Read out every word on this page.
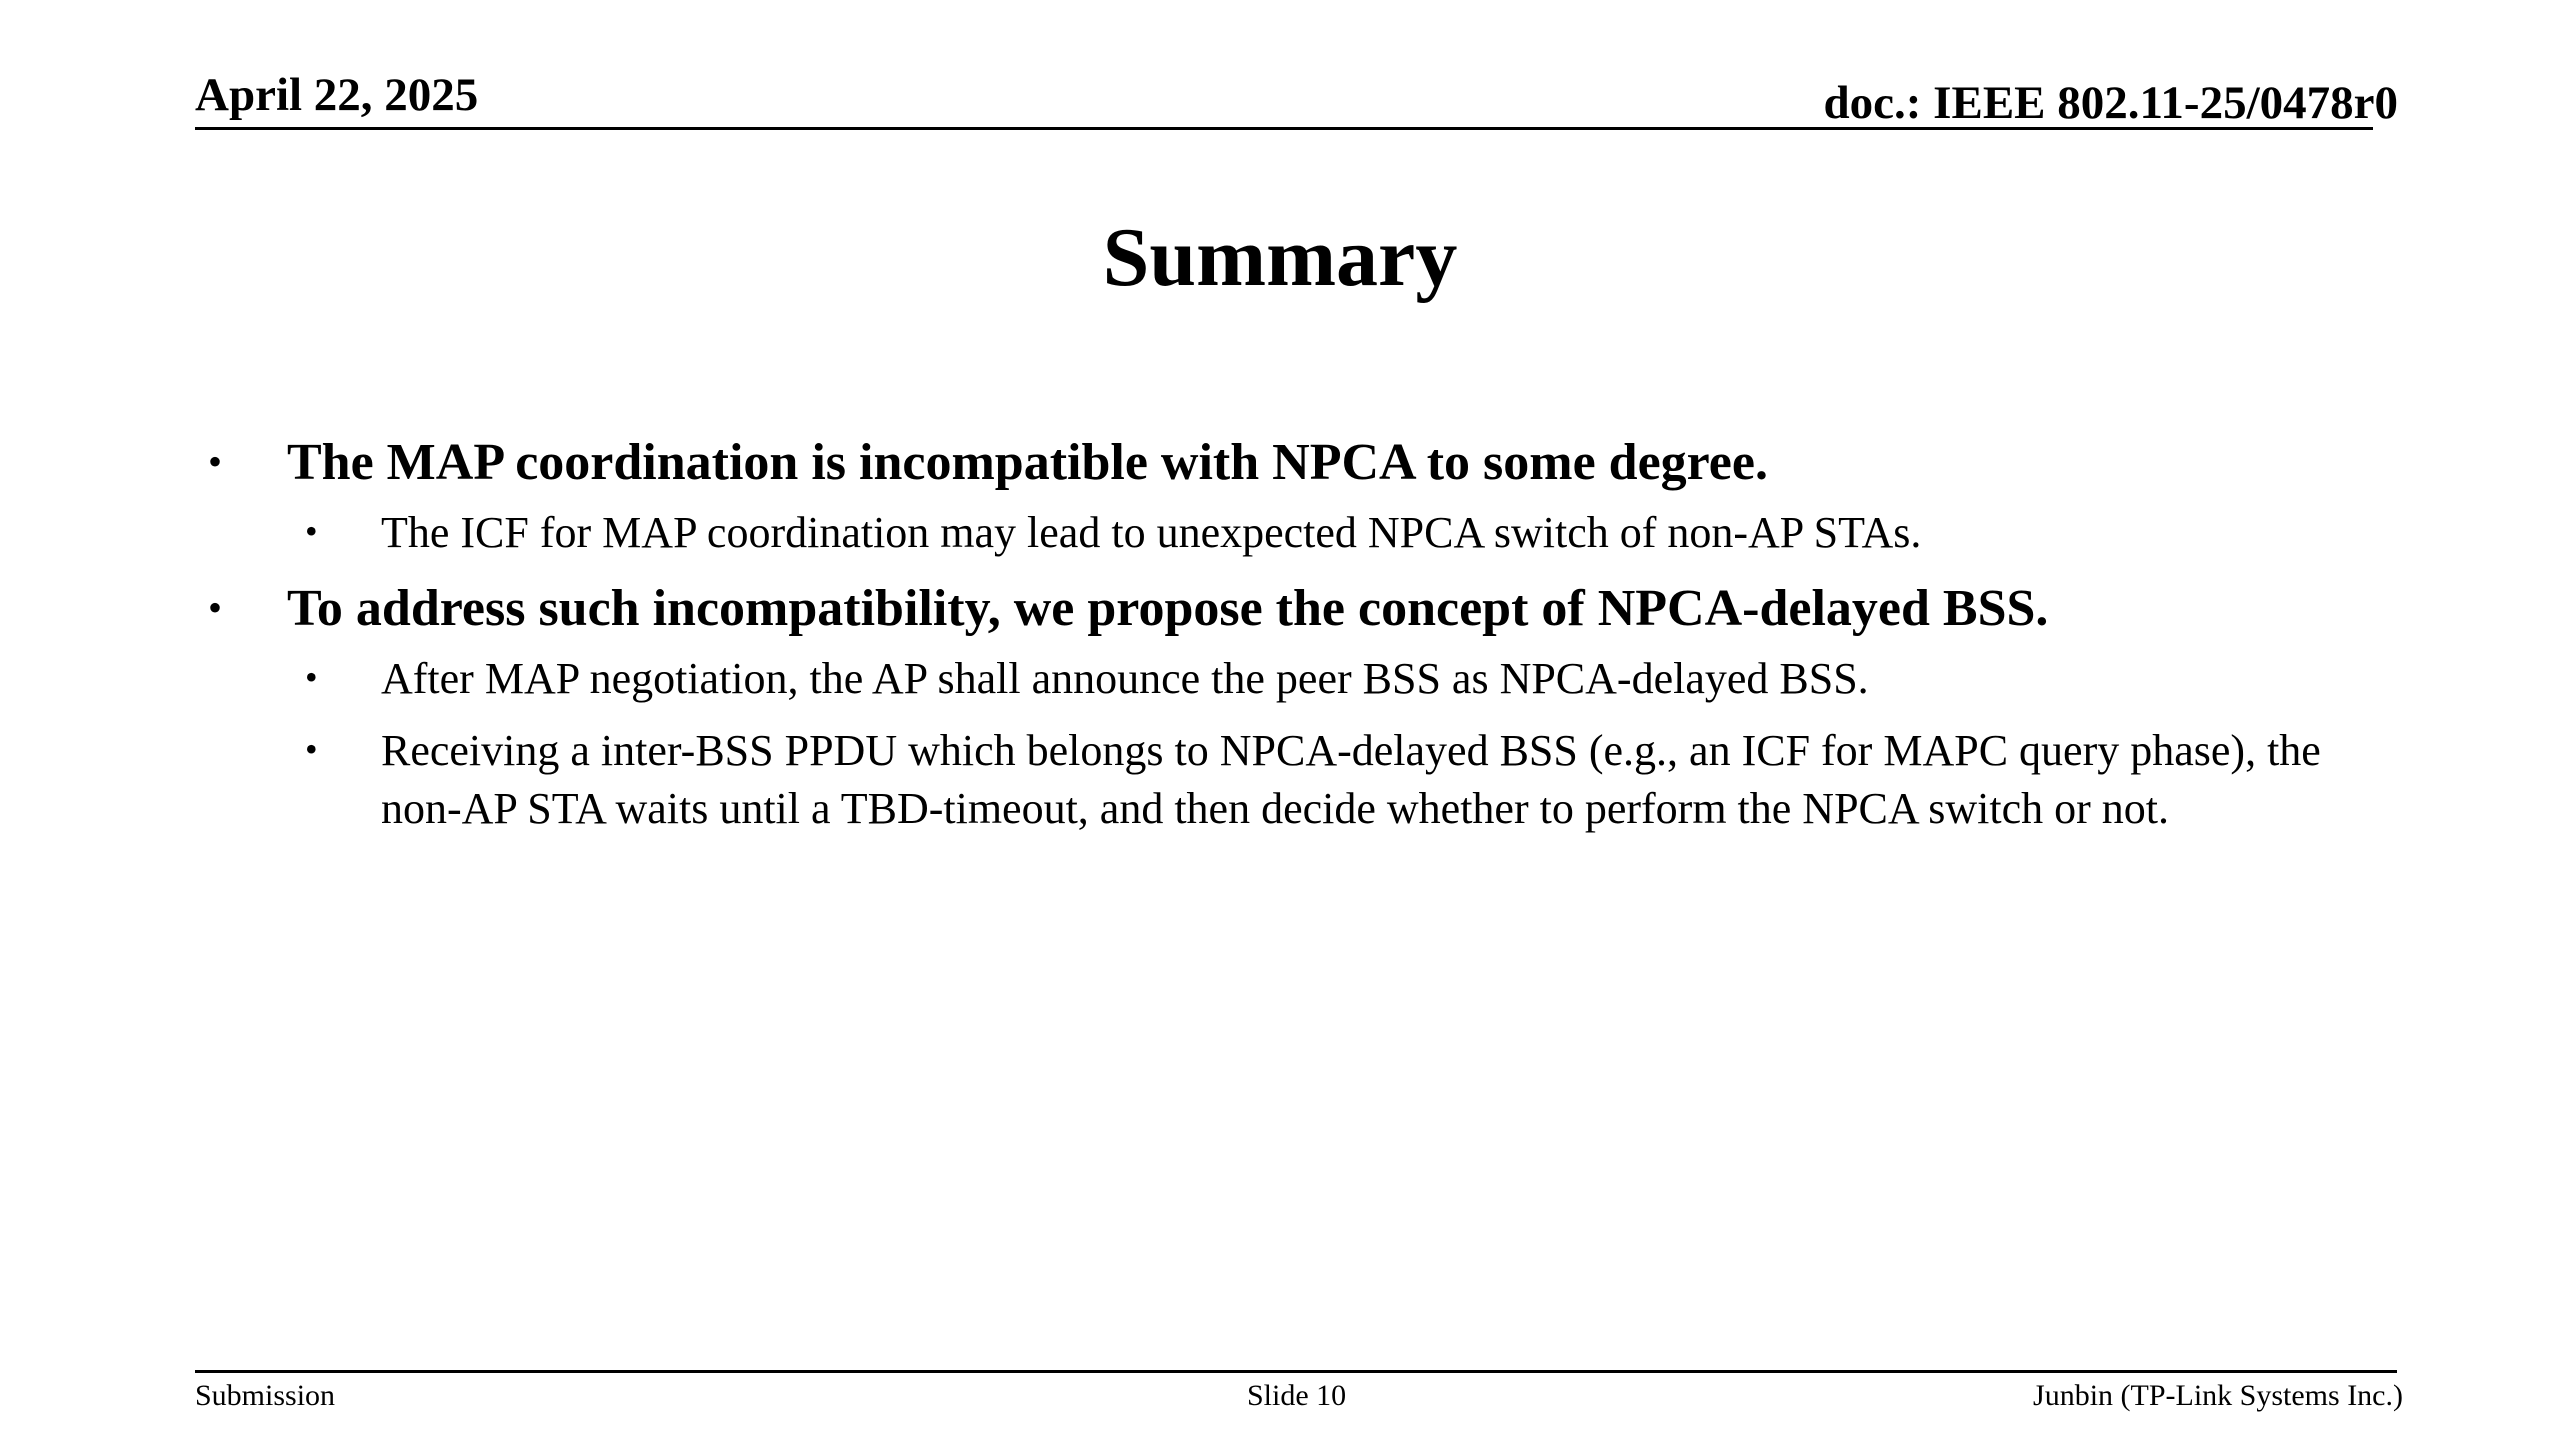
April 22, 2025	doc.: IEEE 802.11-25/0478r0
Summary
• The MAP coordination is incompatible with NPCA to some degree.
• The ICF for MAP coordination may lead to unexpected NPCA switch of non-AP STAs.
• To address such incompatibility, we propose the concept of NPCA-delayed BSS.
• After MAP negotiation, the AP shall announce the peer BSS as NPCA-delayed BSS.
• Receiving a inter-BSS PPDU which belongs to NPCA-delayed BSS (e.g., an ICF for MAPC query phase), the non-AP STA waits until a TBD-timeout, and then decide whether to perform the NPCA switch or not.
Submission	Slide 10	Junbin (TP-Link Systems Inc.)
